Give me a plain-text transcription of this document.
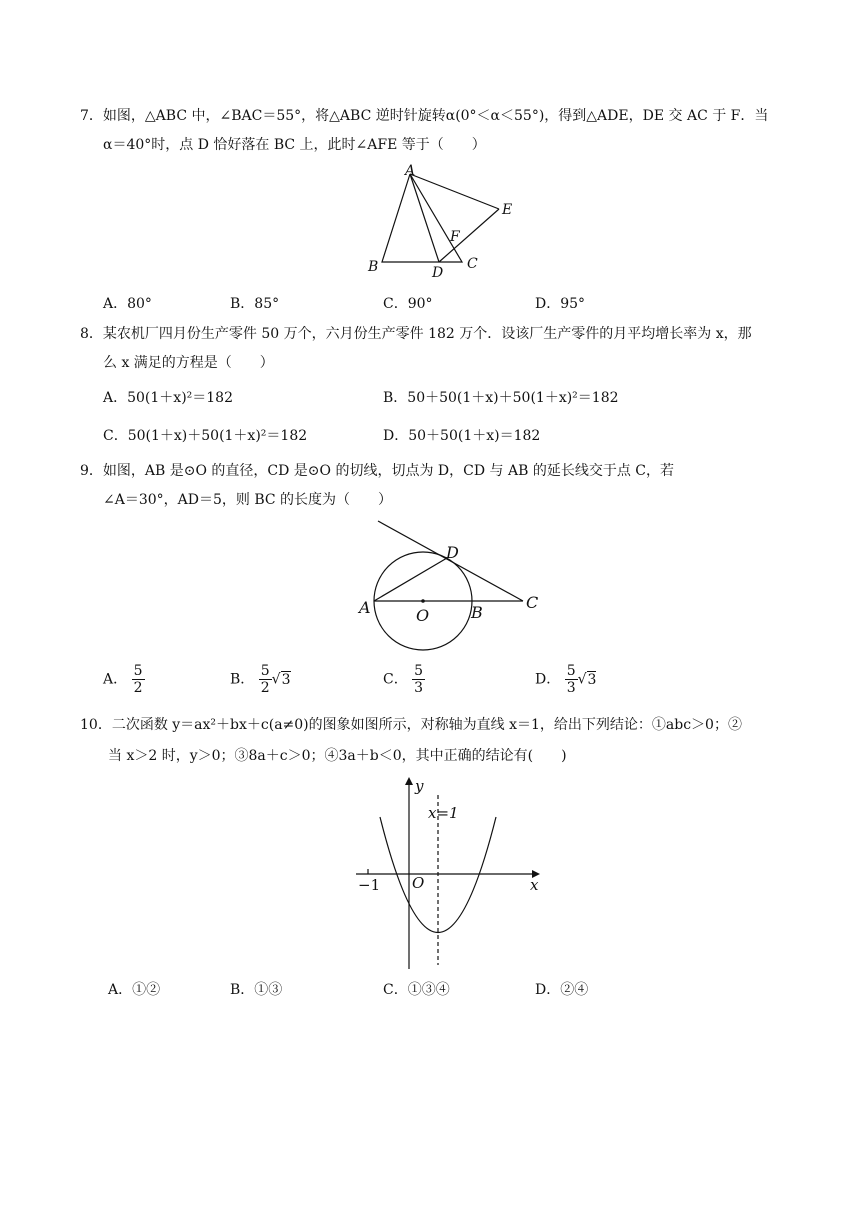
7．如图，△ABC 中，∠BAC＝55°，将△ABC 逆时针旋转α(0°＜α＜55°)，得到△ADE，DE 交 AC 于 F．当
α＝40°时，点 D 恰好落在 BC 上，此时∠AFE 等于（　　）
A
B	C
D
E
F
A．80°	B．85°	C．90°	D．95°
8．某农机厂四月份生产零件 50 万个，六月份生产零件 182 万个．设该厂生产零件的月平均增长率为 x，那
么 x 满足的方程是（　　）
A．50(1＋x)²＝182	B．50＋50(1＋x)＋50(1＋x)²＝182
C．50(1＋x)＋50(1＋x)²＝182	D．50＋50(1＋x)＝182
9．如图，AB 是⊙O 的直径，CD 是⊙O 的切线，切点为 D，CD 与 AB 的延长线交于点 C，若
∠A＝30°，AD＝5，则 BC 的长度为（　　）
A	B
C
D
O
A． $\frac{5}{2}$	B． $\frac{5}{2} √3$	C． $\frac{5}{3}$	D． $\frac{5}{3} √3$
10．二次函数 y＝ax²＋bx＋c(a≠0)的图象如图所示，对称轴为直线 x＝1，给出下列结论：①abc＞0；②
当 x＞2 时，y＞0；③8a＋c＞0；④3a＋b＜0，其中正确的结论有(　　)
y
x
O
x=1
−1
A．①②	B．①③	C．①③④	D．②④
